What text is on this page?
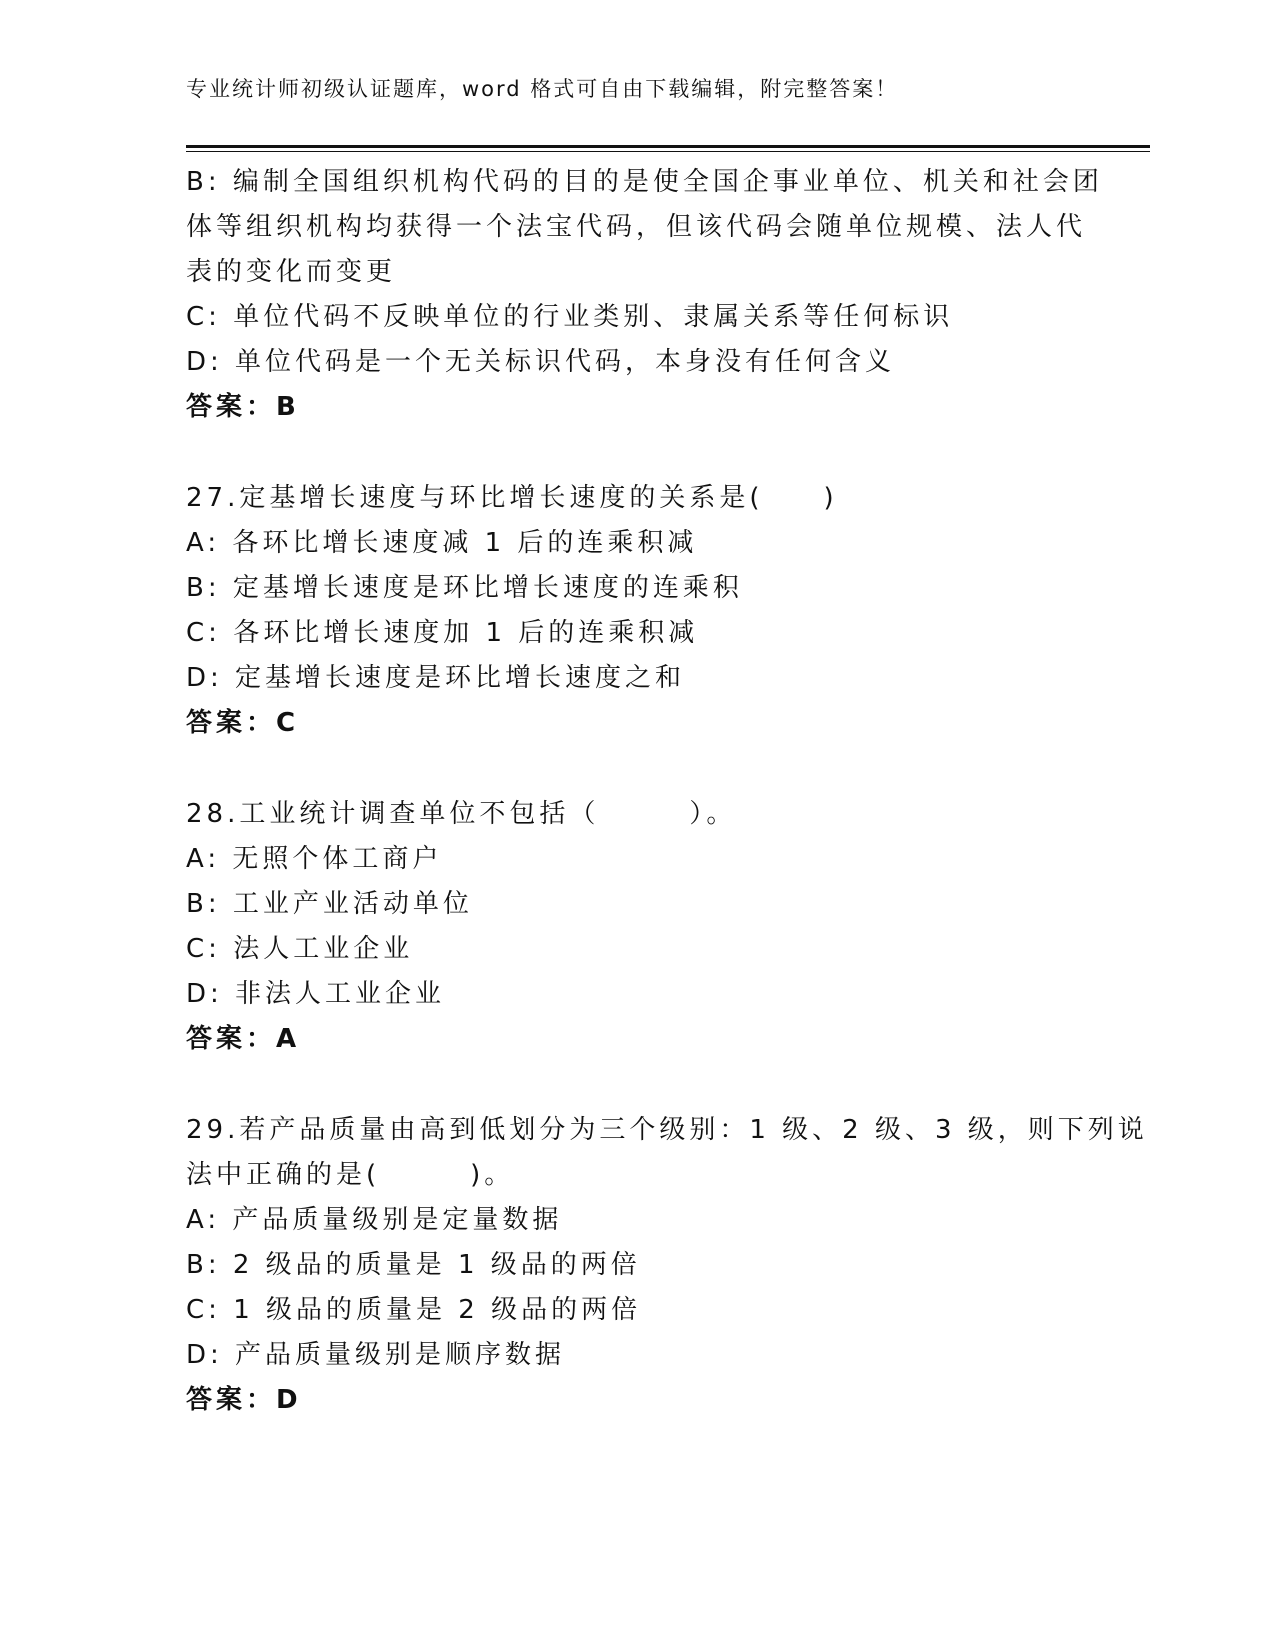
专业统计师初级认证题库，word 格式可自由下载编辑，附完整答案！
B: 编制全国组织机构代码的目的是使全国企事业单位、机关和社会团
体等组织机构均获得一个法宝代码，但该代码会随单位规模、法人代
表的变化而变更
C: 单位代码不反映单位的行业类别、隶属关系等任何标识
D: 单位代码是一个无关标识代码，本身没有任何含义
答案：B
27.定基增长速度与环比增长速度的关系是(　　)
A: 各环比增长速度减 1 后的连乘积减
B: 定基增长速度是环比增长速度的连乘积
C: 各环比增长速度加 1 后的连乘积减
D: 定基增长速度是环比增长速度之和
答案：C
28.工业统计调查单位不包括（　　　）。
A: 无照个体工商户
B: 工业产业活动单位
C: 法人工业企业
D: 非法人工业企业
答案：A
29.若产品质量由高到低划分为三个级别：1 级、2 级、3 级，则下列说
法中正确的是(　　　)。
A: 产品质量级别是定量数据
B: 2 级品的质量是 1 级品的两倍
C: 1 级品的质量是 2 级品的两倍
D: 产品质量级别是顺序数据
答案：D
